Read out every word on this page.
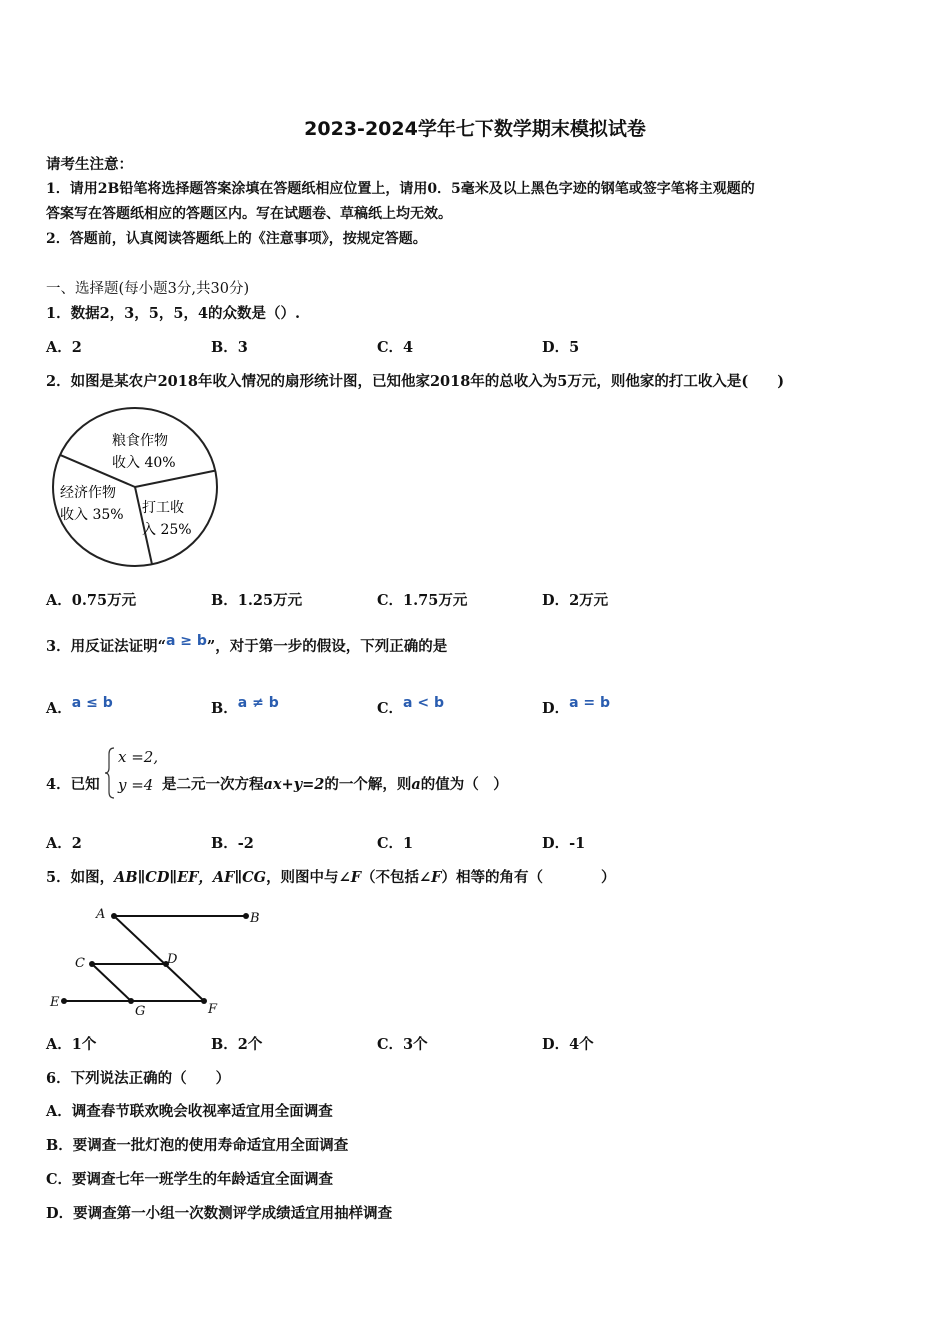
2023-2024学年七下数学期末模拟试卷
请考生注意：
1．请用2B铅笔将选择题答案涂填在答题纸相应位置上，请用0．5毫米及以上黑色字迹的钢笔或签字笔将主观题的
答案写在答题纸相应的答题区内。写在试题卷、草稿纸上均无效。
2．答题前，认真阅读答题纸上的《注意事项》，按规定答题。
一、选择题(每小题3分,共30分)
1．数据2，3，5，5，4的众数是（）.
A．2	B．3	C．4	D．5
2．如图是某农户2018年收入情况的扇形统计图，已知他家2018年的总收入为5万元，则他家的打工收入是(　　)
粮食作物
收入 40%
经济作物
收入 35% 打工收
入 25%
A．0.75万元	B．1.25万元	C．1.75万元	D．2万元
3．用反证法证明“a ≥ b”，对于第一步的假设，下列正确的是
A．a ≤ b	B．a ≠ b	C．a < b	D．a = b
4．已知
x =2,
y =4 是二元一次方程ax+y=2的一个解，则a的值为（　）
A．2	B．-2	C．1	D．-1
5．如图，AB∥CD∥EF，AF∥CG，则图中与∠F（不包括∠F）相等的角有（　　　　）
A	B
C	D
E
G	F
A．1个	B．2个	C．3个	D．4个
6．下列说法正确的（　　）
A．调查春节联欢晚会收视率适宜用全面调查
B．要调查一批灯泡的使用寿命适宜用全面调查
C．要调查七年一班学生的年龄适宜全面调查
D．要调查第一小组一次数测评学成绩适宜用抽样调查
